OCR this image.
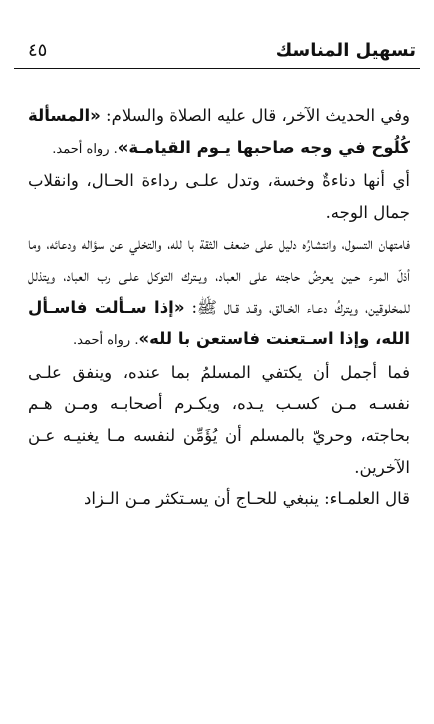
تسهيل المناسك
٤٥

وفي الحديث الآخر، قال عليه الصلاة والسلام: «المسألة كُلُوح في وجه صاحبها يـوم القيامـة». رواه أحمد.

أي أنها دناءةٌ وخسة، وتدل علـى رداءة الحـال، وانقلاب جمال الوجه.

فامتهان التسول، وانتشارُه دليل على ضعف الثقة با لله، والتخلي عن سؤاله ودعائه، وما أذلّ المرء حـين يعرضُ حاجته على العباد، ويـترك التوكل علـى رب العباد، ويتذلل للمخلوقين، ويتركُ دعـاء الخـالق، وقـد قـال ﷺ: «إذا سـألت فاسـأل الله، وإذا اسـتعنت فاستعن با لله». رواه أحمد.

فما أجمل أن يكتفي المسلمُ بما عنده، وينفق علـى نفسـه مـن كسـب يـده، ويكـرم أصحابـه ومـن هـم بحاجته، وحريّ بالمسلم أن يُؤَمِّن لنفسه مـا يغنيـه عـن الآخرين.

قال العلمـاء: ينبغي للحـاج أن يسـتكثر مـن الـزاد
